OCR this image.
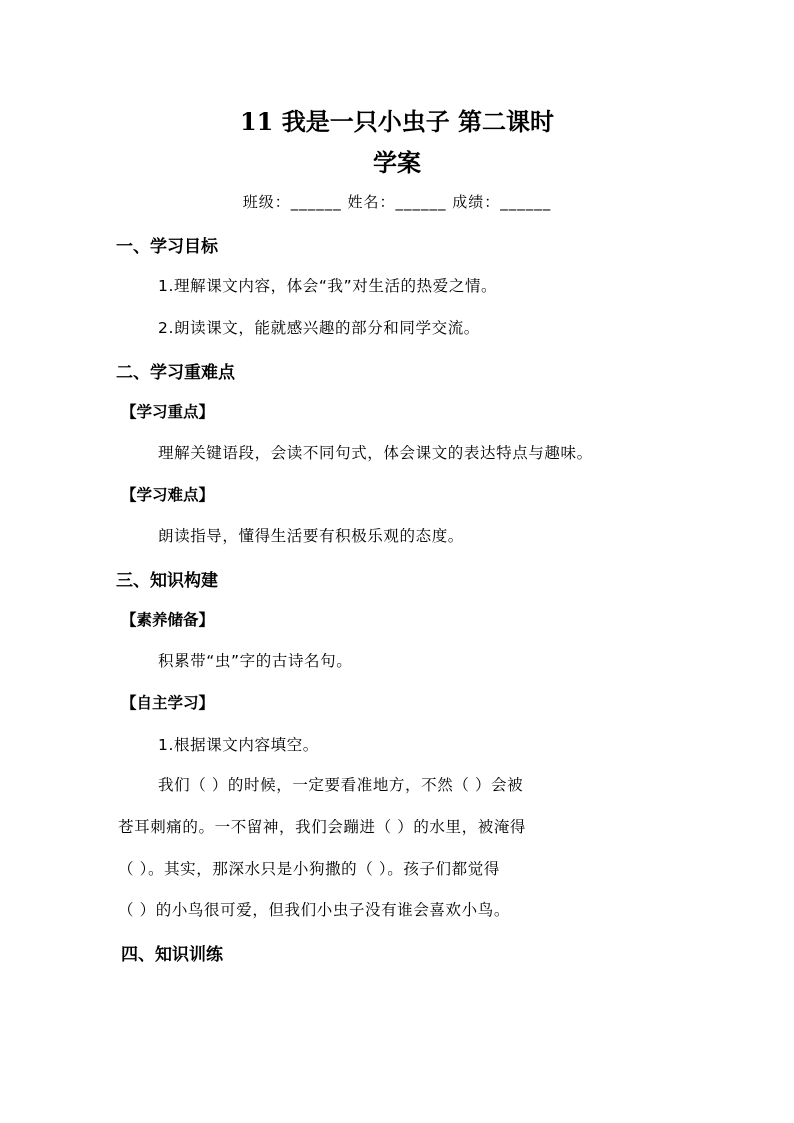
11 我是一只小虫子 第二课时
学案
班级：______ 姓名：______ 成绩：______
一、学习目标
1.理解课文内容，体会“我”对生活的热爱之情。
2.朗读课文，能就感兴趣的部分和同学交流。
二、学习重难点
【学习重点】
理解关键语段，会读不同句式，体会课文的表达特点与趣味。
【学习难点】
朗读指导，懂得生活要有积极乐观的态度。
三、知识构建
【素养储备】
积累带“虫”字的古诗名句。
【自主学习】
1.根据课文内容填空。
我们（ ）的时候，一定要看准地方，不然（ ）会被
苍耳刺痛的。一不留神，我们会蹦进（ ）的水里，被淹得
（ ）。其实，那深水只是小狗撒的（ ）。孩子们都觉得
（ ）的小鸟很可爱，但我们小虫子没有谁会喜欢小鸟。
四、知识训练
